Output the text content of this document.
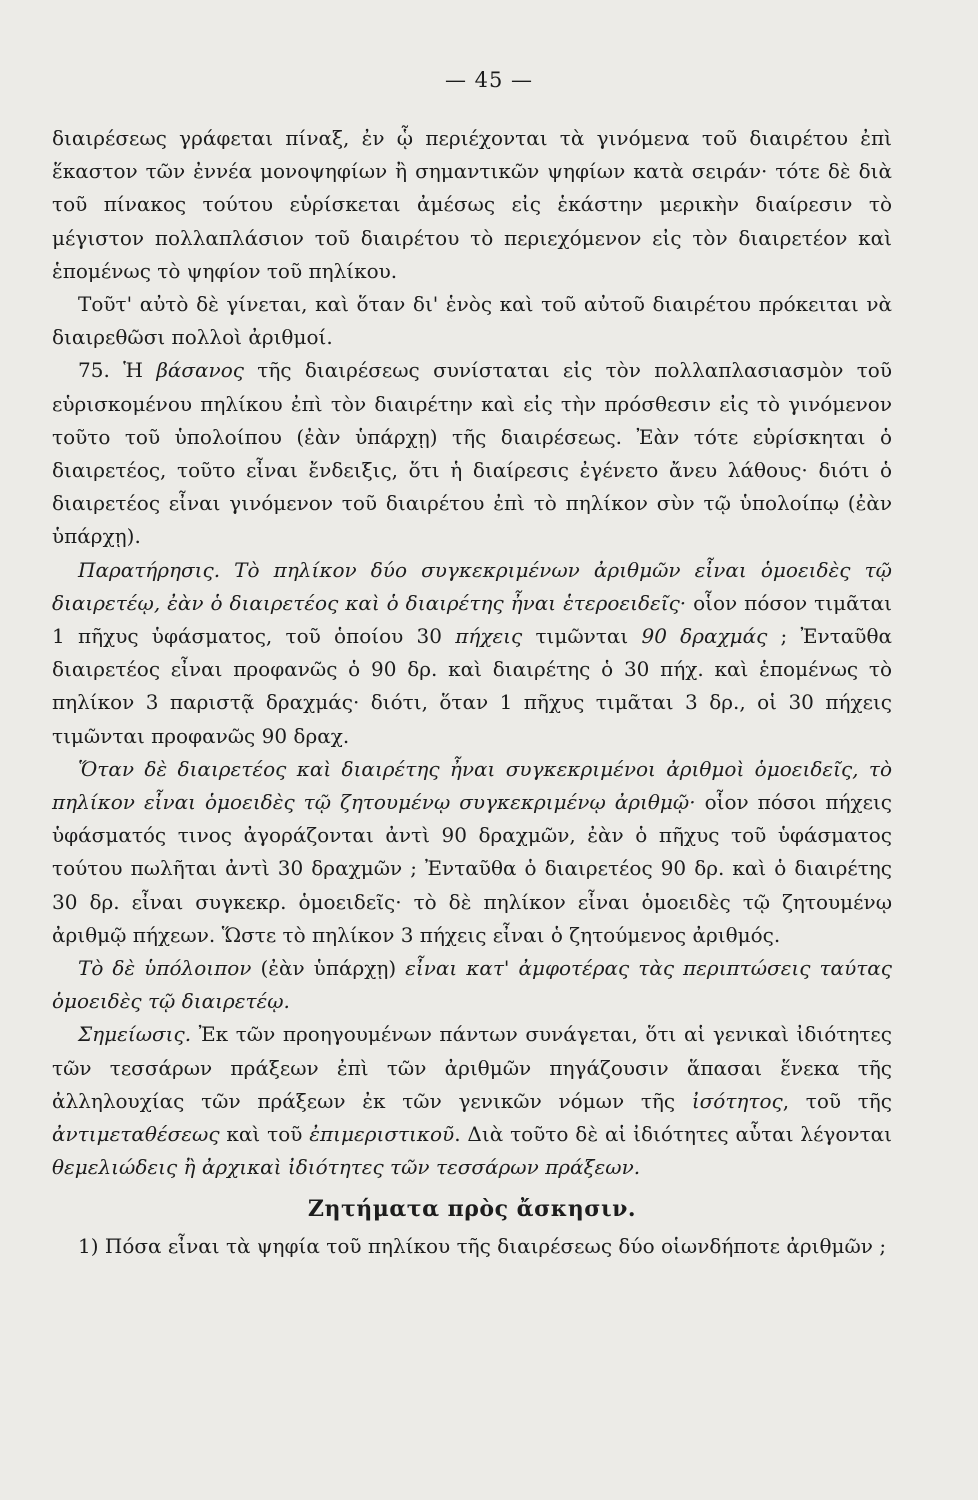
— 45 —

διαιρέσεως γράφεται πίναξ, ἐν ᾧ περιέχονται τὰ γινόμενα τοῦ διαιρέτου ἐπὶ ἕκαστον τῶν ἐννέα μονοψηφίων ἢ σημαντικῶν ψηφίων κατὰ σειράν· τότε δὲ διὰ τοῦ πίνακος τούτου εὑρίσκεται ἀμέσως εἰς ἑκάστην μερικὴν διαίρεσιν τὸ μέγιστον πολλαπλάσιον τοῦ διαιρέτου τὸ περιεχόμενον εἰς τὸν διαιρετέον καὶ ἑπομένως τὸ ψηφίον τοῦ πηλίκου.

Τοῦτ' αὐτὸ δὲ γίνεται, καὶ ὅταν δι' ἑνὸς καὶ τοῦ αὐτοῦ διαιρέτου πρόκειται νὰ διαιρεθῶσι πολλοὶ ἀριθμοί.

75. Ἡ βάσανος τῆς διαιρέσεως συνίσταται εἰς τὸν πολλαπλασιασμὸν τοῦ εὑρισκομένου πηλίκου ἐπὶ τὸν διαιρέτην καὶ εἰς τὴν πρόσθεσιν εἰς τὸ γινόμενον τοῦτο τοῦ ὑπολοίπου (ἐὰν ὑπάρχῃ) τῆς διαιρέσεως. Ἐὰν τότε εὑρίσκηται ὁ διαιρετέος, τοῦτο εἶναι ἔνδειξις, ὅτι ἡ διαίρεσις ἐγένετο ἄνευ λάθους· διότι ὁ διαιρετέος εἶναι γινόμενον τοῦ διαιρέτου ἐπὶ τὸ πηλίκον σὺν τῷ ὑπολοίπῳ (ἐὰν ὑπάρχῃ).

Παρατήρησις. Τὸ πηλίκον δύο συγκεκριμένων ἀριθμῶν εἶναι ὁμοειδὲς τῷ διαιρετέῳ, ἐὰν ὁ διαιρετέος καὶ ὁ διαιρέτης ἦναι ἑτεροειδεῖς· οἷον πόσον τιμᾶται 1 πῆχυς ὑφάσματος, τοῦ ὁποίου 30 πήχεις τιμῶνται 90 δραχμάς ; Ἐνταῦθα διαιρετέος εἶναι προφανῶς ὁ 90 δρ. καὶ διαιρέτης ὁ 30 πήχ. καὶ ἑπομένως τὸ πηλίκον 3 παριστᾷ δραχμάς· διότι, ὅταν 1 πῆχυς τιμᾶται 3 δρ., οἱ 30 πήχεις τιμῶνται προφανῶς 90 δραχ.

Ὅταν δὲ διαιρετέος καὶ διαιρέτης ἦναι συγκεκριμένοι ἀριθμοὶ ὁμοειδεῖς, τὸ πηλίκον εἶναι ὁμοειδὲς τῷ ζητουμένῳ συγκεκριμένῳ ἀριθμῷ· οἷον πόσοι πήχεις ὑφάσματός τινος ἀγοράζονται ἀντὶ 90 δραχμῶν, ἐὰν ὁ πῆχυς τοῦ ὑφάσματος τούτου πωλῆται ἀντὶ 30 δραχμῶν ; Ἐνταῦθα ὁ διαιρετέος 90 δρ. καὶ ὁ διαιρέτης 30 δρ. εἶναι συγκεκρ. ὁμοειδεῖς· τὸ δὲ πηλίκον εἶναι ὁμοειδὲς τῷ ζητουμένῳ ἀριθμῷ πήχεων. Ὥστε τὸ πηλίκον 3 πήχεις εἶναι ὁ ζητούμενος ἀριθμός.

Τὸ δὲ ὑπόλοιπον (ἐὰν ὑπάρχῃ) εἶναι κατ' ἀμφοτέρας τὰς περιπτώσεις ταύτας ὁμοειδὲς τῷ διαιρετέῳ.

Σημείωσις. Ἐκ τῶν προηγουμένων πάντων συνάγεται, ὅτι αἱ γενικαὶ ἰδιότητες τῶν τεσσάρων πράξεων ἐπὶ τῶν ἀριθμῶν πηγάζουσιν ἅπασαι ἕνεκα τῆς ἀλληλουχίας τῶν πράξεων ἐκ τῶν γενικῶν νόμων τῆς ἰσότητος, τοῦ τῆς ἀντιμεταθέσεως καὶ τοῦ ἐπιμεριστικοῦ. Διὰ τοῦτο δὲ αἱ ἰδιότητες αὗται λέγονται θεμελιώδεις ἢ ἀρχικαὶ ἰδιότητες τῶν τεσσάρων πράξεων.

Ζητήματα πρὸς ἄσκησιν.

1) Πόσα εἶναι τὰ ψηφία τοῦ πηλίκου τῆς διαιρέσεως δύο οἱωνδήποτε ἀριθμῶν ;
